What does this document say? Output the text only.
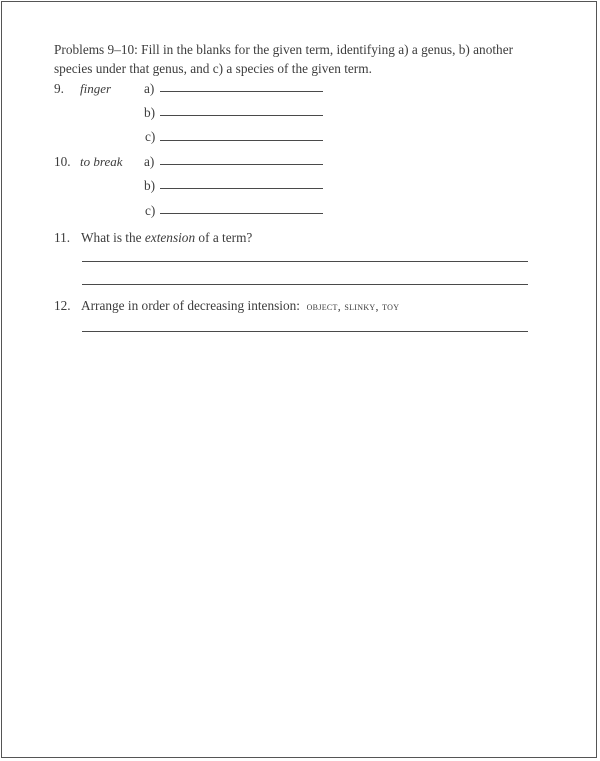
Problems 9–10: Fill in the blanks for the given term, identifying a) a genus, b) another species under that genus, and c) a species of the given term.
9. finger a)
b)
c)
10. to break a)
b)
c)
11. What is the extension of a term?
12. Arrange in order of decreasing intension: object, slinky, toy
